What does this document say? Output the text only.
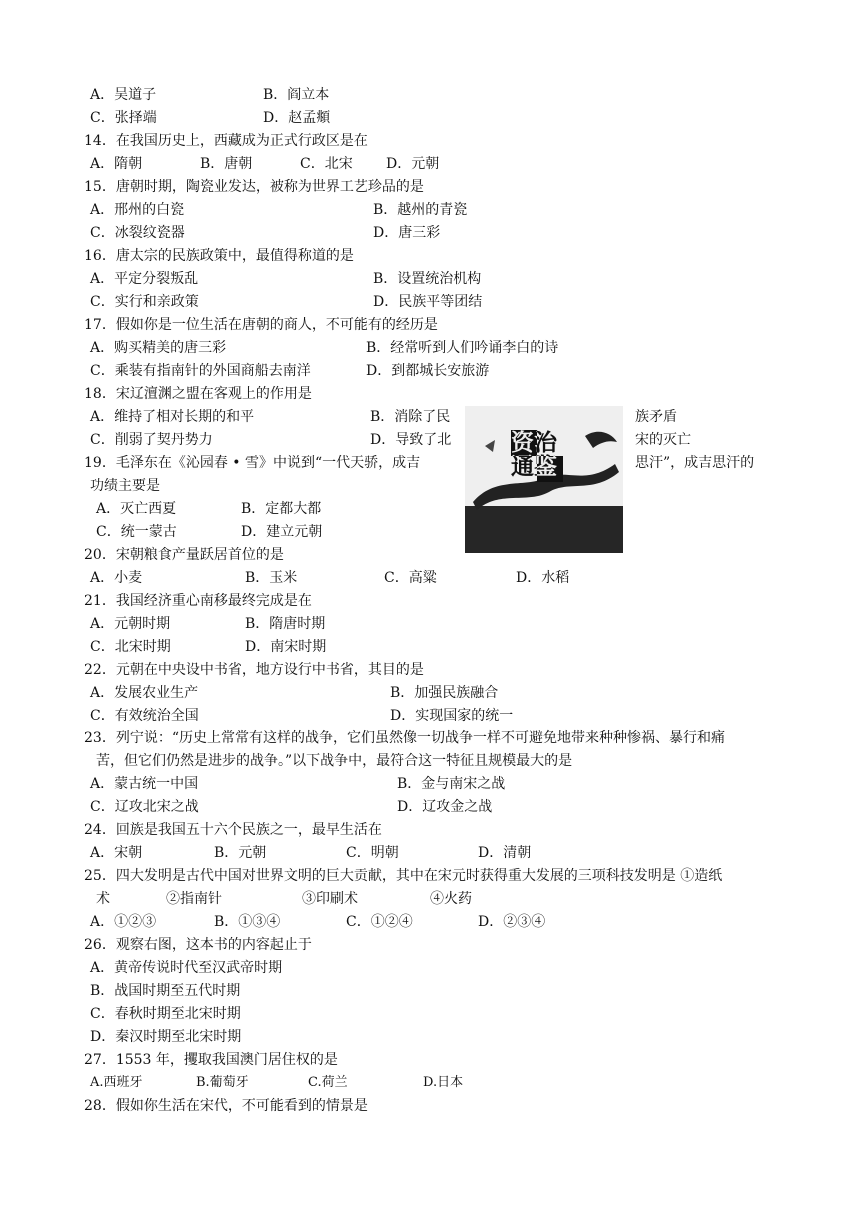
A．吴道子	B．阎立本
C．张择端	D．赵孟頫
14．在我国历史上，西藏成为正式行政区是在
A．隋朝	B．唐朝	C．北宋 D．元朝
15．唐朝时期，陶瓷业发达，被称为世界工艺珍品的是
A．邢州的白瓷	B．越州的青瓷
C．冰裂纹瓷器	D．唐三彩
16．唐太宗的民族政策中，最值得称道的是
A．平定分裂叛乱	B．设置统治机构
C．实行和亲政策	D．民族平等团结
17．假如你是一位生活在唐朝的商人，不可能有的经历是
A．购买精美的唐三彩	B．经常听到人们吟诵李白的诗
C．乘装有指南针的外国商船去南洋	D．到都城长安旅游
18．宋辽澶渊之盟在客观上的作用是
A．维持了相对长期的和平	B．消除了民	族矛盾
C．削弱了契丹势力	D．导致了北	宋的灭亡
资治
通鉴
19．毛泽东在《沁园春 • 雪》中说到“一代天骄，成吉	思汗”，成吉思汗的
功绩主要是
A．灭亡西夏	B．定都大都
C．统一蒙古	D．建立元朝
20．宋朝粮食产量跃居首位的是
A．小麦	B．玉米	C．高粱	D．水稻
21．我国经济重心南移最终完成是在
A．元朝时期	B．隋唐时期
C．北宋时期	D．南宋时期
22．元朝在中央设中书省，地方设行中书省，其目的是
A．发展农业生产	B．加强民族融合
C．有效统治全国	D．实现国家的统一
23．列宁说：“历史上常常有这样的战争，它们虽然像一切战争一样不可避免地带来种种惨祸、暴行和痛
苦，但它们仍然是进步的战争。”以下战争中，最符合这一特征且规模最大的是
A．蒙古统一中国	B．金与南宋之战
C．辽攻北宋之战	D．辽攻金之战
24．回族是我国五十六个民族之一，最早生活在
A．宋朝	B．元朝	C．明朝	D．清朝
25．四大发明是古代中国对世界文明的巨大贡献，其中在宋元时获得重大发展的三项科技发明是 ①造纸
术	②指南针	③印刷术	④火药
A．①②③	B．①③④	C．①②④	D．②③④
26．观察右图，这本书的内容起止于
A．黄帝传说时代至汉武帝时期
B．战国时期至五代时期
C．春秋时期至北宋时期
D．秦汉时期至北宋时期
27．1553 年，攫取我国澳门居住权的是
A.西班牙	B.葡萄牙	C.荷兰	D.日本
28．假如你生活在宋代，不可能看到的情景是
